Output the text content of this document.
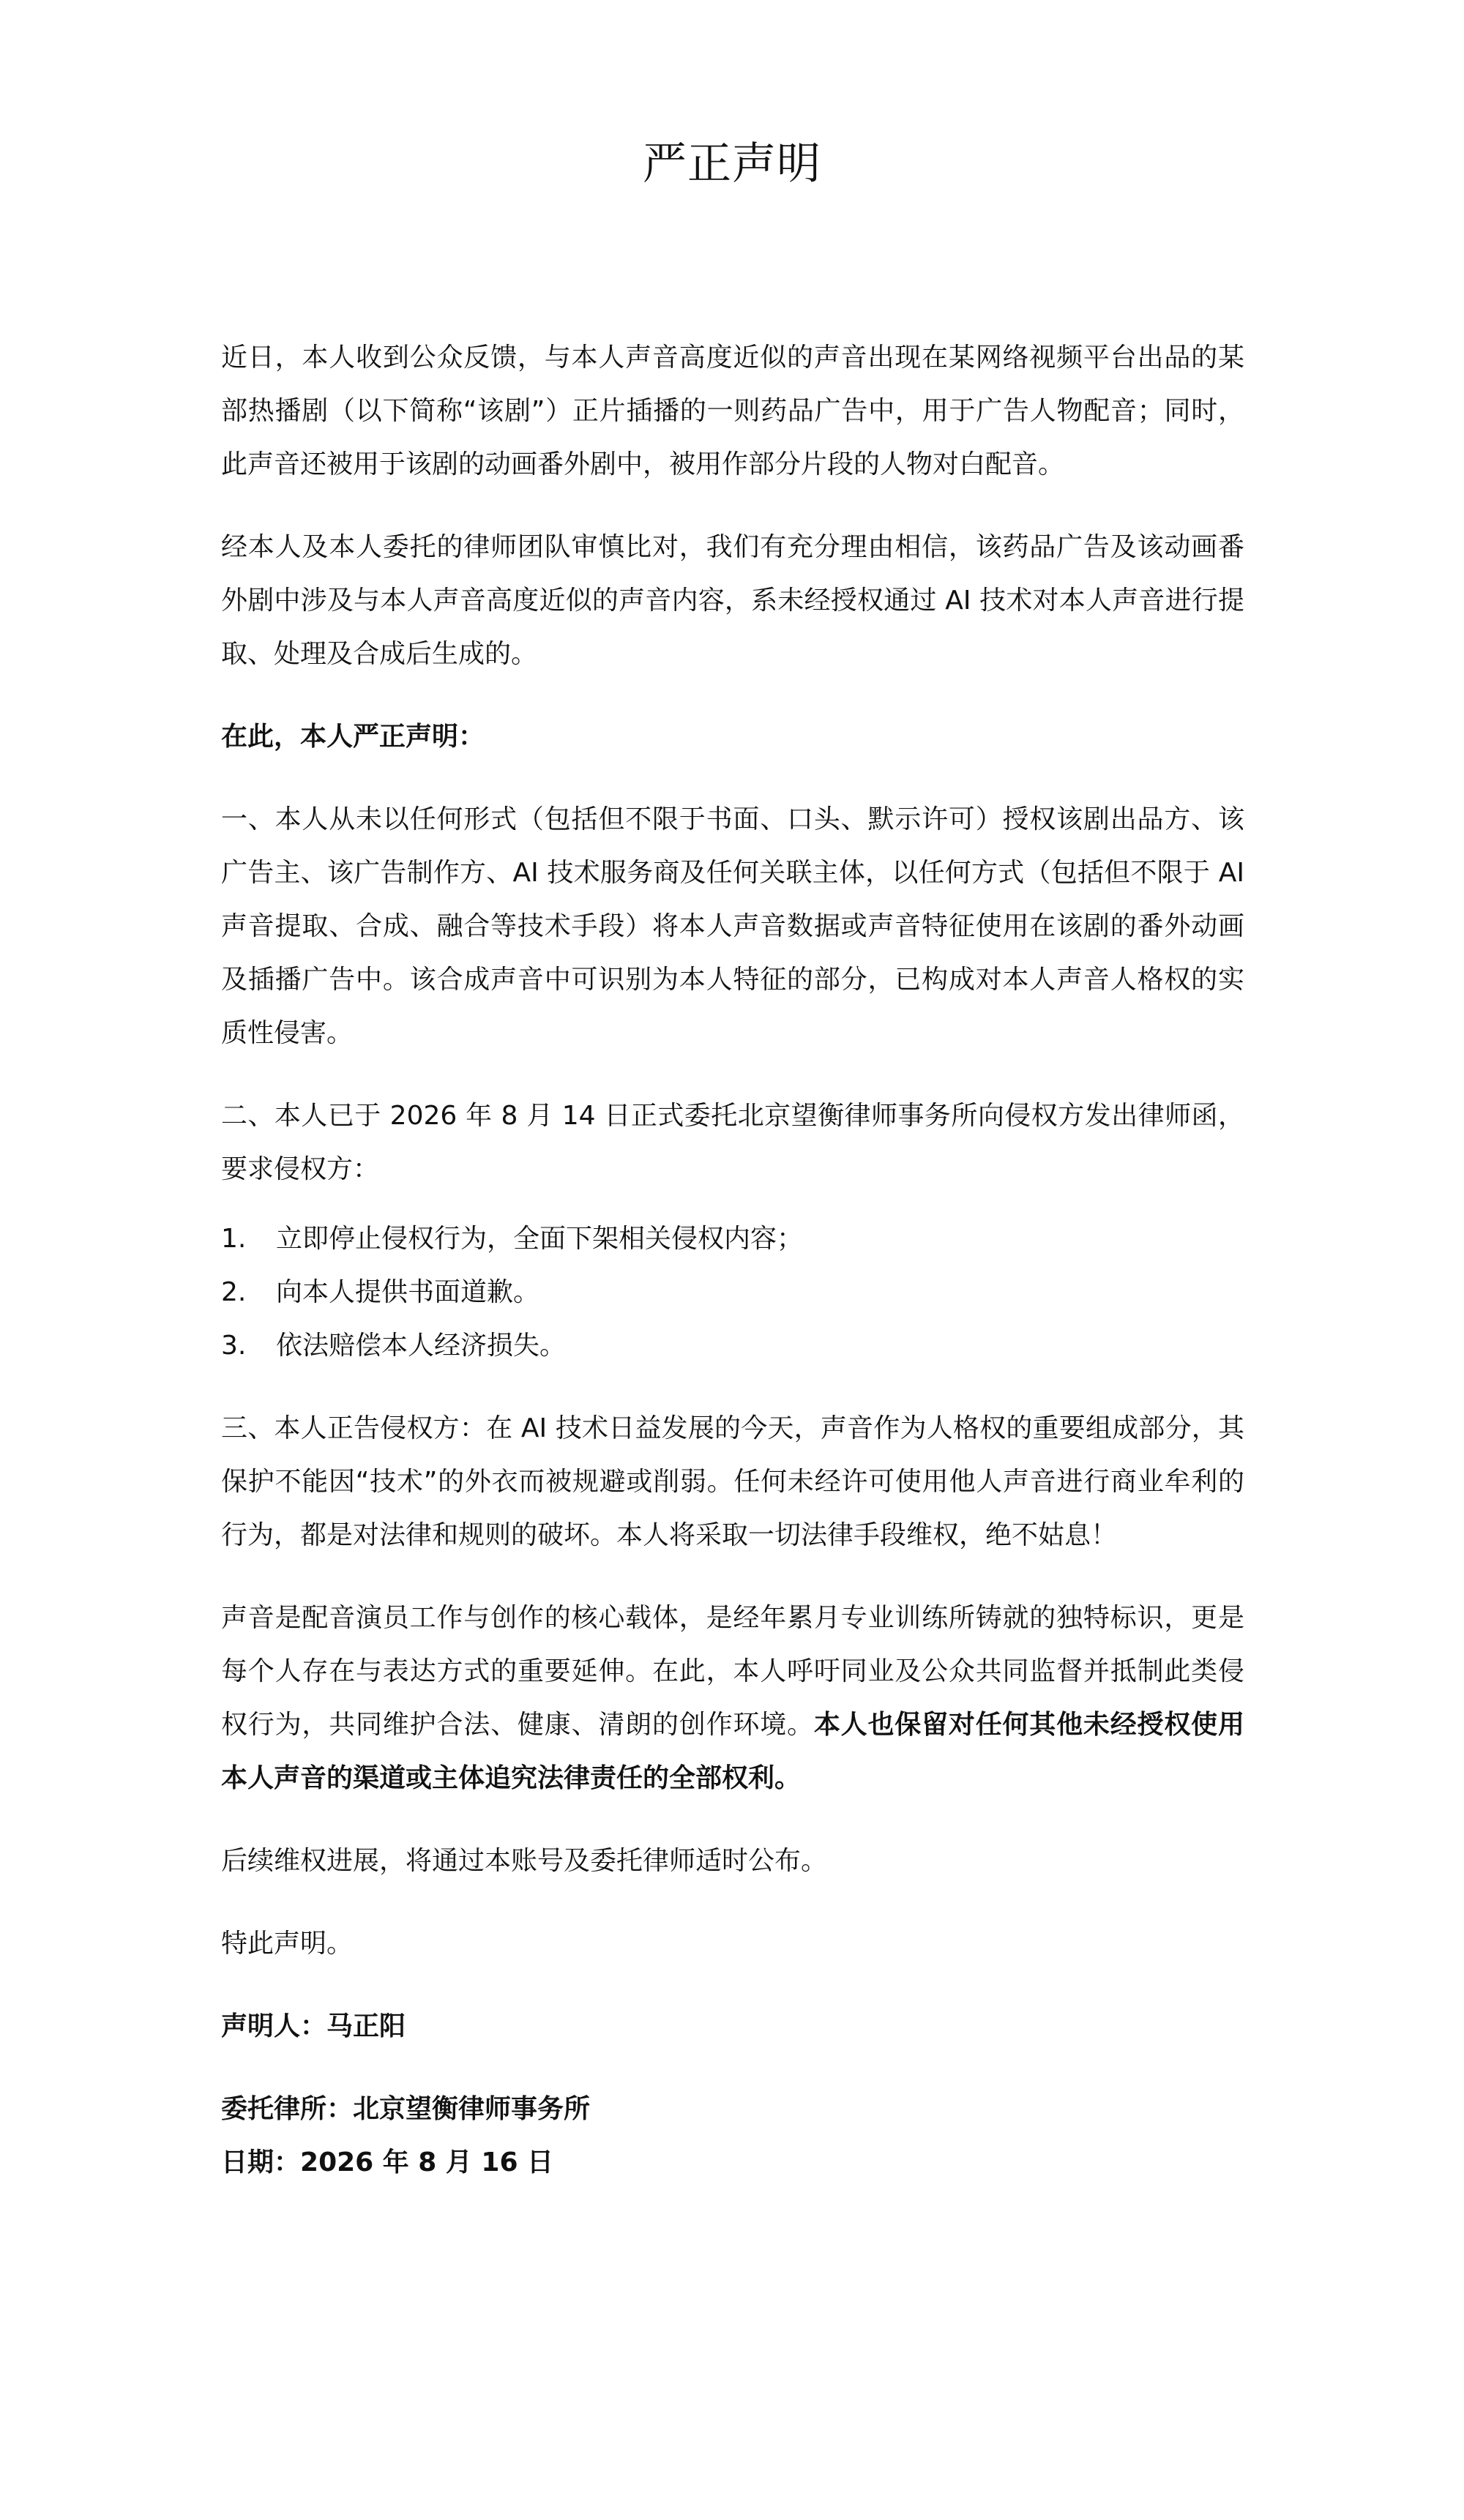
严正声明

近日，本人收到公众反馈，与本人声音高度近似的声音出现在某网络视频平台出品的某部热播剧（以下简称“该剧”）正片插播的一则药品广告中，用于广告人物配音；同时，此声音还被用于该剧的动画番外剧中，被用作部分片段的人物对白配音。

经本人及本人委托的律师团队审慎比对，我们有充分理由相信，该药品广告及该动画番外剧中涉及与本人声音高度近似的声音内容，系未经授权通过 AI 技术对本人声音进行提取、处理及合成后生成的。

在此，本人严正声明：

一、本人从未以任何形式（包括但不限于书面、口头、默示许可）授权该剧出品方、该广告主、该广告制作方、AI 技术服务商及任何关联主体，以任何方式（包括但不限于 AI 声音提取、合成、融合等技术手段）将本人声音数据或声音特征使用在该剧的番外动画及插播广告中。该合成声音中可识别为本人特征的部分，已构成对本人声音人格权的实质性侵害。

二、本人已于 2026 年 8 月 14 日正式委托北京望衡律师事务所向侵权方发出律师函，要求侵权方：

1.	立即停止侵权行为，全面下架相关侵权内容；
2.	向本人提供书面道歉。
3.	依法赔偿本人经济损失。

三、本人正告侵权方：在 AI 技术日益发展的今天，声音作为人格权的重要组成部分，其保护不能因“技术”的外衣而被规避或削弱。任何未经许可使用他人声音进行商业牟利的行为，都是对法律和规则的破坏。本人将采取一切法律手段维权，绝不姑息！

声音是配音演员工作与创作的核心载体，是经年累月专业训练所铸就的独特标识，更是每个人存在与表达方式的重要延伸。在此，本人呼吁同业及公众共同监督并抵制此类侵权行为，共同维护合法、健康、清朗的创作环境。本人也保留对任何其他未经授权使用本人声音的渠道或主体追究法律责任的全部权利。

后续维权进展，将通过本账号及委托律师适时公布。

特此声明。

声明人：马正阳

委托律所：北京望衡律师事务所

日期：2026 年 8 月 16 日
